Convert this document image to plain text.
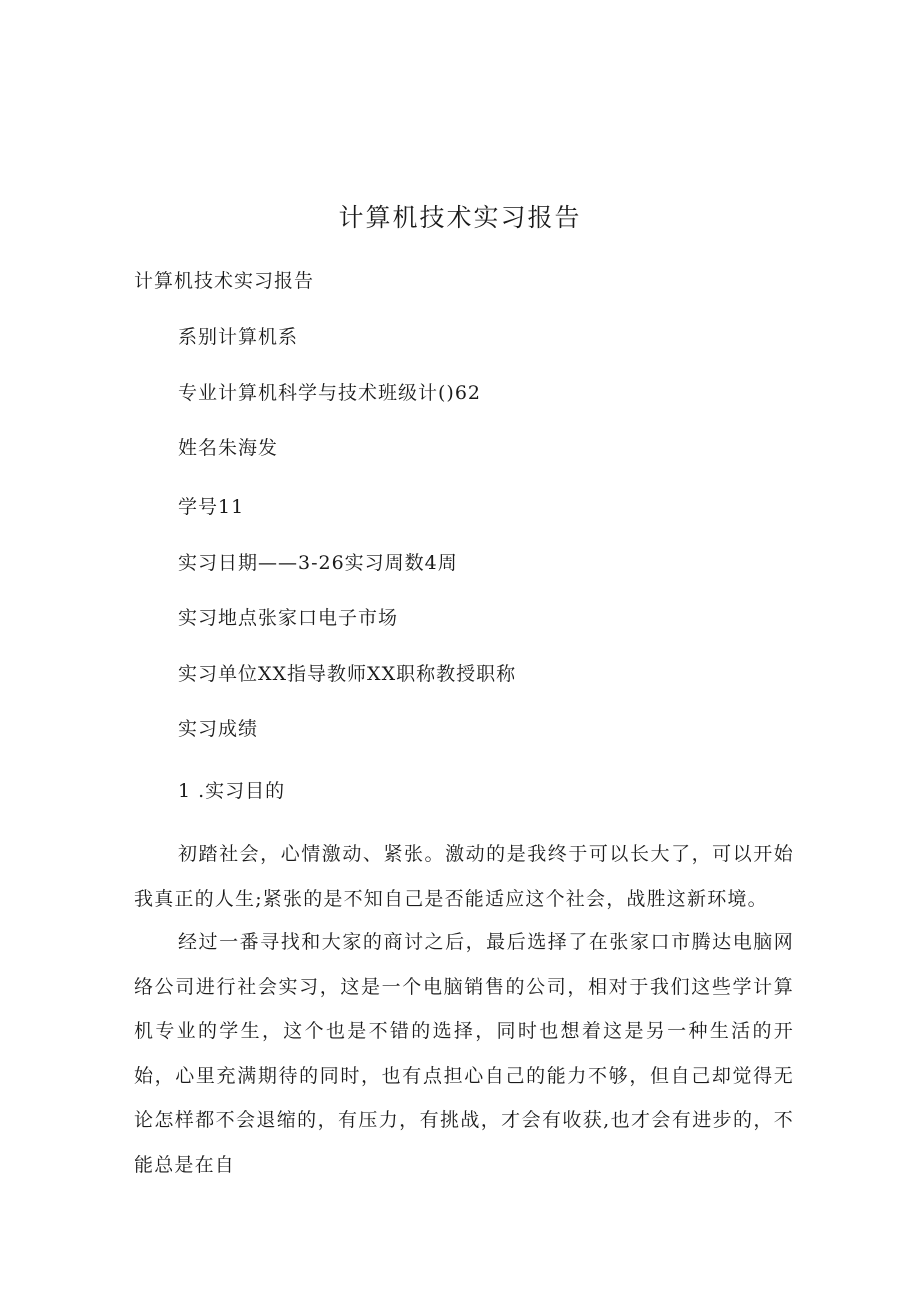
计算机技术实习报告
计算机技术实习报告
系别计算机系
专业计算机科学与技术班级计()62
姓名朱海发
学号11
实习日期——3-26实习周数4周
实习地点张家口电子市场
实习单位XX指导教师XX职称教授职称
实习成绩
1 .实习目的

初踏社会，心情激动、紧张。激动的是我终于可以长大了，可以开始我真正的人生;紧张的是不知自己是否能适应这个社会，战胜这新环境。

经过一番寻找和大家的商讨之后，最后选择了在张家口市腾达电脑网络公司进行社会实习，这是一个电脑销售的公司，相对于我们这些学计算机专业的学生，这个也是不错的选择，同时也想着这是另一种生活的开始，心里充满期待的同时，也有点担心自己的能力不够，但自己却觉得无论怎样都不会退缩的，有压力，有挑战，才会有收获,也才会有进步的，不能总是在自
